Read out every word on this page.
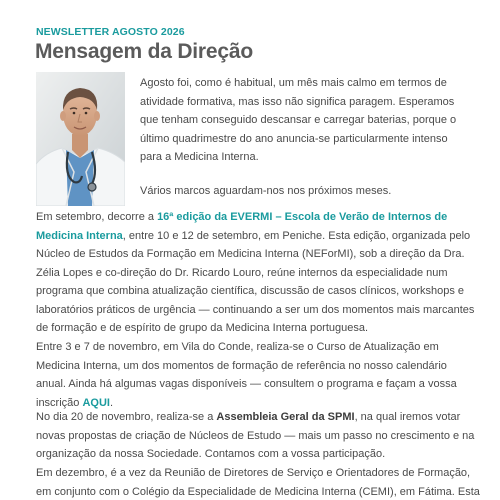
NEWSLETTER AGOSTO 2026
Mensagem da Direção
Agosto foi, como é habitual, um mês mais calmo em termos de
atividade formativa, mas isso não significa paragem. Esperamos
que tenham conseguido descansar e carregar baterias, porque o
último quadrimestre do ano anuncia-se particularmente intenso
para a Medicina Interna.
Vários marcos aguardam-nos nos próximos meses.
Em setembro, decorre a 16ª edição da EVERMI – Escola de Verão de Internos de
Medicina Interna, entre 10 e 12 de setembro, em Peniche. Esta edição, organizada pelo
Núcleo de Estudos da Formação em Medicina Interna (NEForMI), sob a direção da Dra.
Zélia Lopes e co-direção do Dr. Ricardo Louro, reúne internos da especialidade num
programa que combina atualização científica, discussão de casos clínicos, workshops e
laboratórios práticos de urgência — continuando a ser um dos momentos mais marcantes
de formação e de espírito de grupo da Medicina Interna portuguesa.
Entre 3 e 7 de novembro, em Vila do Conde, realiza-se o Curso de Atualização em
Medicina Interna, um dos momentos de formação de referência no nosso calendário
anual. Ainda há algumas vagas disponíveis — consultem o programa e façam a vossa
inscrição AQUI.
No dia 20 de novembro, realiza-se a Assembleia Geral da SPMI, na qual iremos votar
novas propostas de criação de Núcleos de Estudo — mais um passo no crescimento e na
organização da nossa Sociedade. Contamos com a vossa participação.
Em dezembro, é a vez da Reunião de Diretores de Serviço e Orientadores de Formação,
em conjunto com o Colégio da Especialidade de Medicina Interna (CEMI), em Fátima. Esta
